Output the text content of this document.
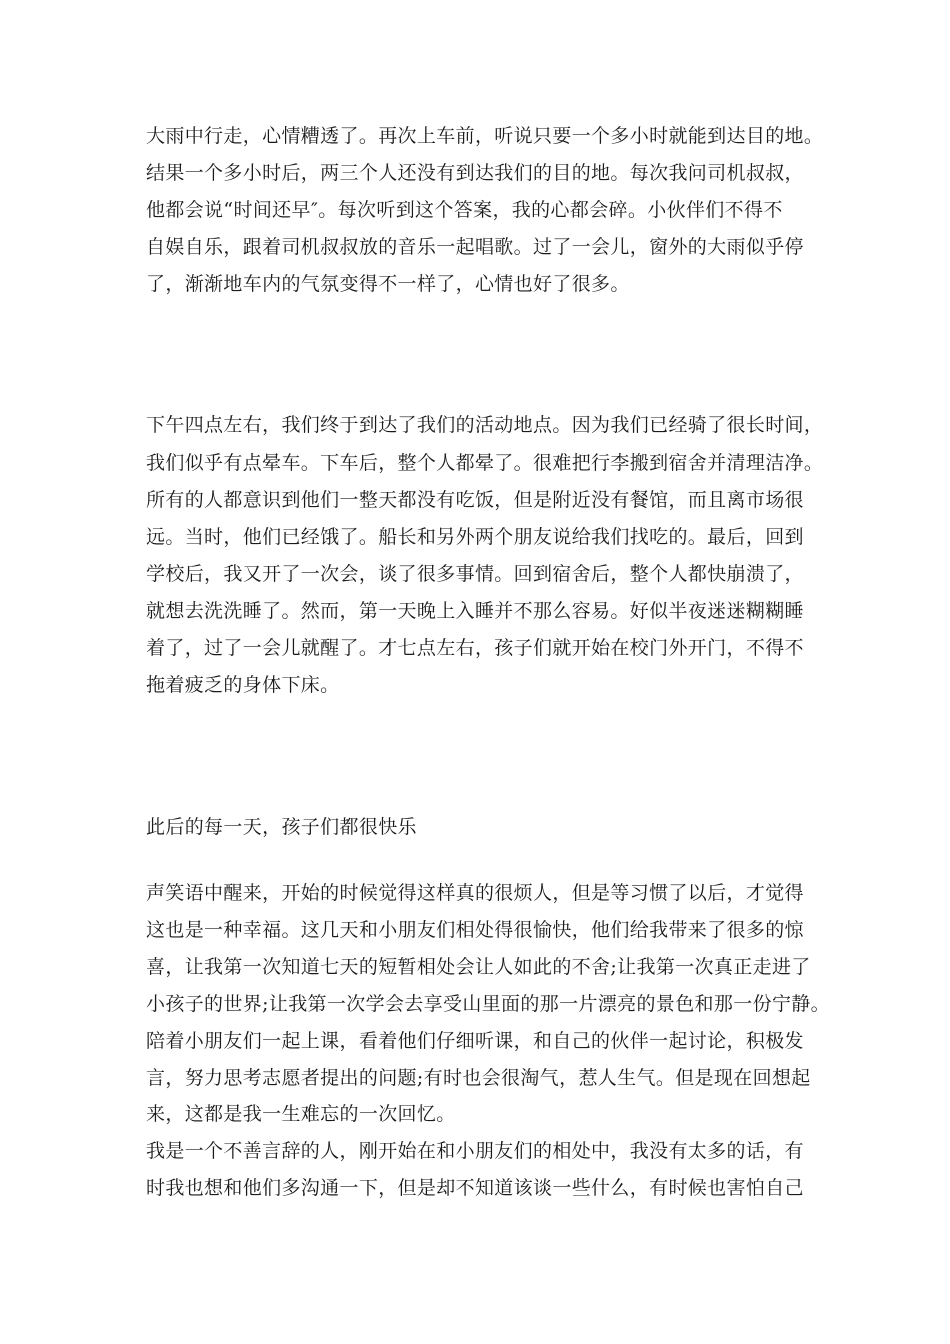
大雨中行走，心情糟透了。再次上车前，听说只要一个多小时就能到达目的地。
结果一个多小时后，两三个人还没有到达我们的目的地。每次我问司机叔叔，
他都会说“时间还早″。每次听到这个答案，我的心都会碎。小伙伴们不得不
自娱自乐，跟着司机叔叔放的音乐一起唱歌。过了一会儿，窗外的大雨似乎停
了，渐渐地车内的气氛变得不一样了，心情也好了很多。
下午四点左右，我们终于到达了我们的活动地点。因为我们已经骑了很长时间，
我们似乎有点晕车。下车后，整个人都晕了。很难把行李搬到宿舍并清理洁净。
所有的人都意识到他们一整天都没有吃饭，但是附近没有餐馆，而且离市场很
远。当时，他们已经饿了。船长和另外两个朋友说给我们找吃的。最后，回到
学校后，我又开了一次会，谈了很多事情。回到宿舍后，整个人都快崩溃了，
就想去洗洗睡了。然而，第一天晚上入睡并不那么容易。好似半夜迷迷糊糊睡
着了，过了一会儿就醒了。才七点左右，孩子们就开始在校门外开门，不得不
拖着疲乏的身体下床。
此后的每一天，孩子们都很快乐
声笑语中醒来，开始的时候觉得这样真的很烦人，但是等习惯了以后，才觉得
这也是一种幸福。这几天和小朋友们相处得很愉快，他们给我带来了很多的惊
喜，让我第一次知道七天的短暂相处会让人如此的不舍;让我第一次真正走进了
小孩子的世界;让我第一次学会去享受山里面的那一片漂亮的景色和那一份宁静。
陪着小朋友们一起上课，看着他们仔细听课，和自己的伙伴一起讨论，积极发
言，努力思考志愿者提出的问题;有时也会很淘气，惹人生气。但是现在回想起
来，这都是我一生难忘的一次回忆。
我是一个不善言辞的人，刚开始在和小朋友们的相处中，我没有太多的话，有
时我也想和他们多沟通一下，但是却不知道该谈一些什么，有时候也害怕自己
